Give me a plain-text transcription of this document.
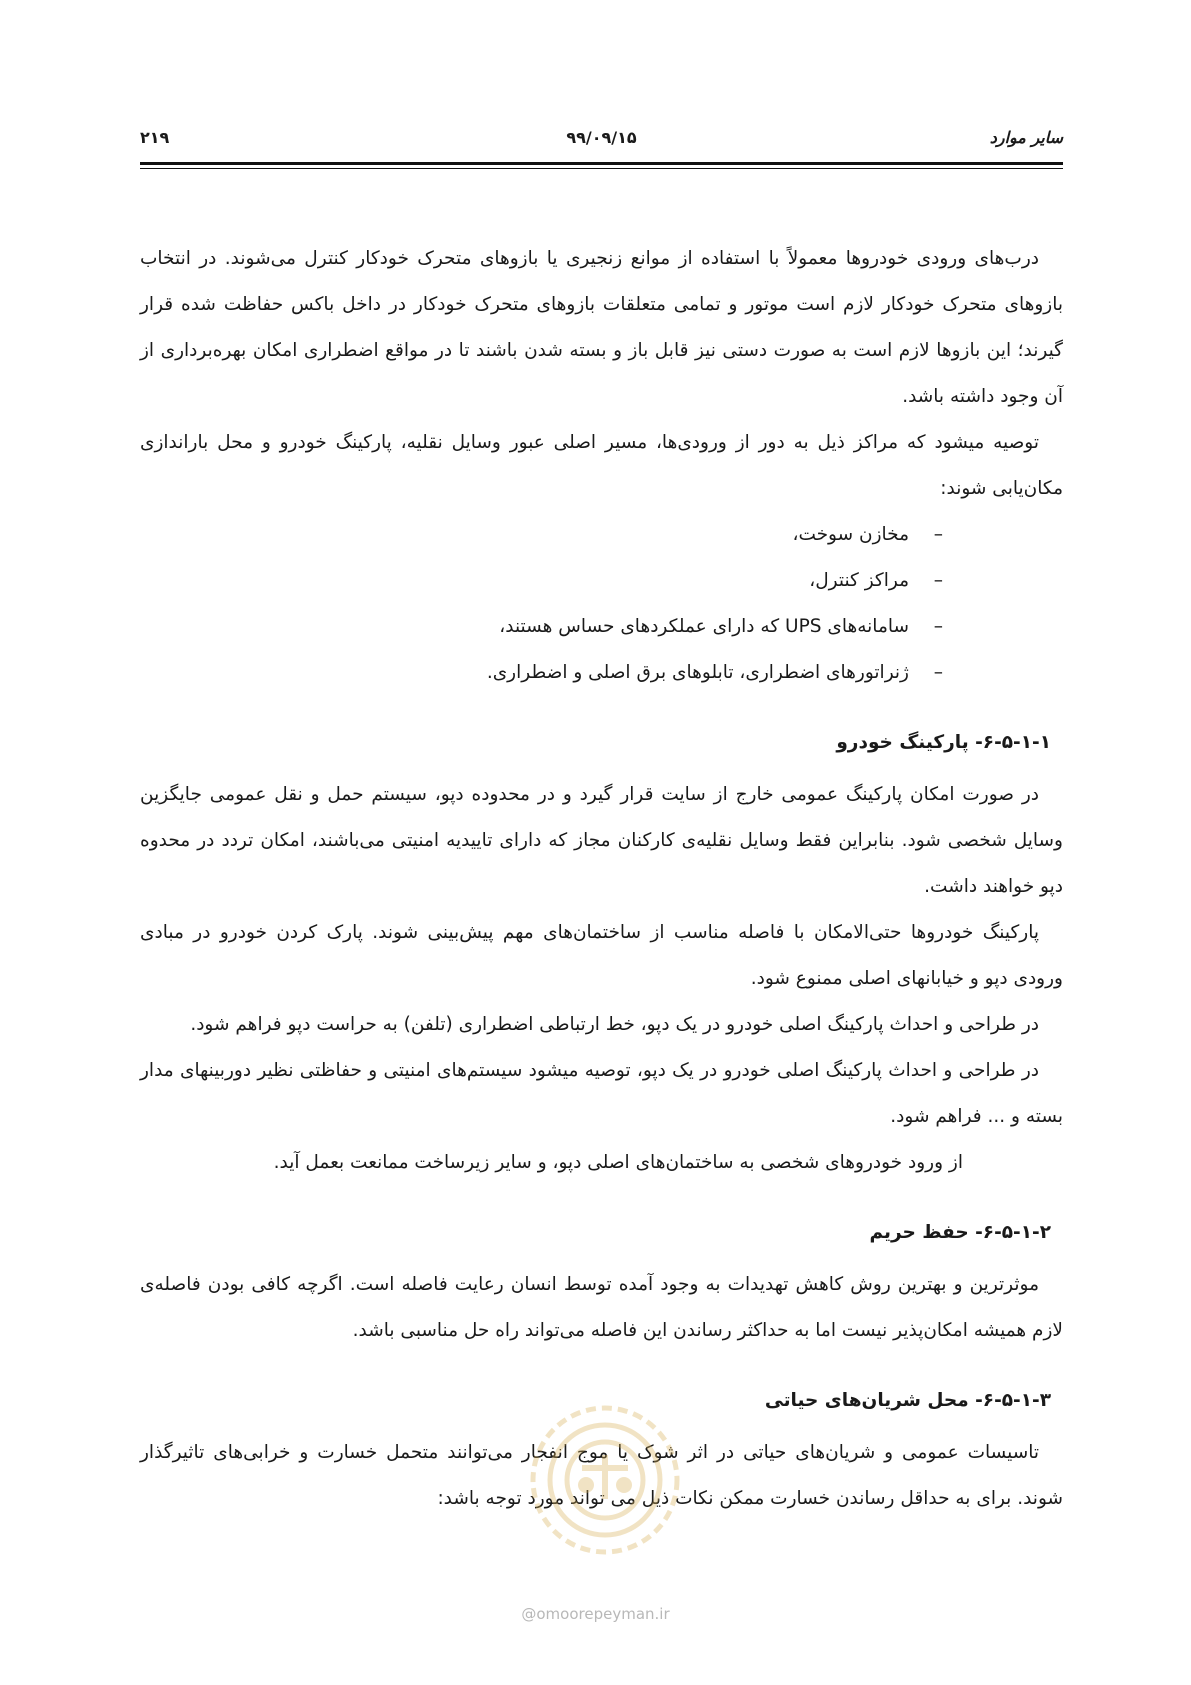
سایر موارد
۹۹/۰۹/۱۵
۲۱۹

درب‌های ورودی خودروها معمولاً با استفاده از موانع زنجیری یا بازوهای متحرک خودکار کنترل می‌شوند. در انتخاب بازوهای متحرک خودکار لازم است موتور و تمامی متعلقات بازوهای متحرک خودکار در داخل باکس حفاظت شده قرار گیرند؛ این بازوها لازم است به صورت دستی نیز قابل باز و بسته شدن باشند تا در مواقع اضطراری امکان بهره‌برداری از آن وجود داشته باشد.

توصیه میشود که مراکز ذیل به دور از ورودی‌ها، مسیر اصلی عبور وسایل نقلیه، پارکینگ خودرو و محل باراندازی مکان‌یابی شوند:

–
مخازن سوخت،
–
مراکز کنترل،
–
سامانه‌های UPS که دارای عملکردهای حساس هستند،
–
ژنراتورهای اضطراری، تابلوهای برق اصلی و اضطراری.
۶-۵-۱-۱- پارکینگ خودرو

در صورت امکان پارکینگ عمومی خارج از سایت قرار گیرد و در محدوده دپو، سیستم حمل و نقل عمومی جایگزین وسایل شخصی شود. بنابراین فقط وسایل نقلیه‌ی کارکنان مجاز که دارای تاییدیه امنیتی می‌باشند، امکان تردد در محدوه دپو خواهند داشت.

پارکینگ خودروها حتی‌الامکان با فاصله مناسب از ساختمان‌های مهم پیش‌بینی شوند. پارک کردن خودرو در مبادی ورودی دپو و خیابانهای اصلی ممنوع شود.

در طراحی و احداث پارکینگ اصلی خودرو در یک دپو، خط ارتباطی اضطراری (تلفن) به حراست دپو فراهم شود.

در طراحی و احداث پارکینگ اصلی خودرو در یک دپو، توصیه میشود سیستم‌های امنیتی و حفاظتی نظیر دوربینهای مدار بسته و ... فراهم شود.

از ورود خودروهای شخصی به ساختمان‌های اصلی دپو، و سایر زیرساخت ممانعت بعمل آید.

۶-۵-۱-۲- حفظ حریم

موثرترین و بهترین روش کاهش تهدیدات به وجود آمده توسط انسان رعایت فاصله است. اگرچه کافی بودن فاصله‌ی لازم همیشه امکان‌پذیر نیست اما به حداکثر رساندن این فاصله می‌تواند راه حل مناسبی باشد.

۶-۵-۱-۳- محل شریان‌های حیاتی

تاسیسات عمومی و شریان‌های حیاتی در اثر شوک یا موج انفجار می‌توانند متحمل خسارت و خرابی‌های تاثیرگذار شوند. برای به حداقل رساندن خسارت ممکن نکات ذیل می تواند مورد توجه باشد:

@omoorepeyman.ir
